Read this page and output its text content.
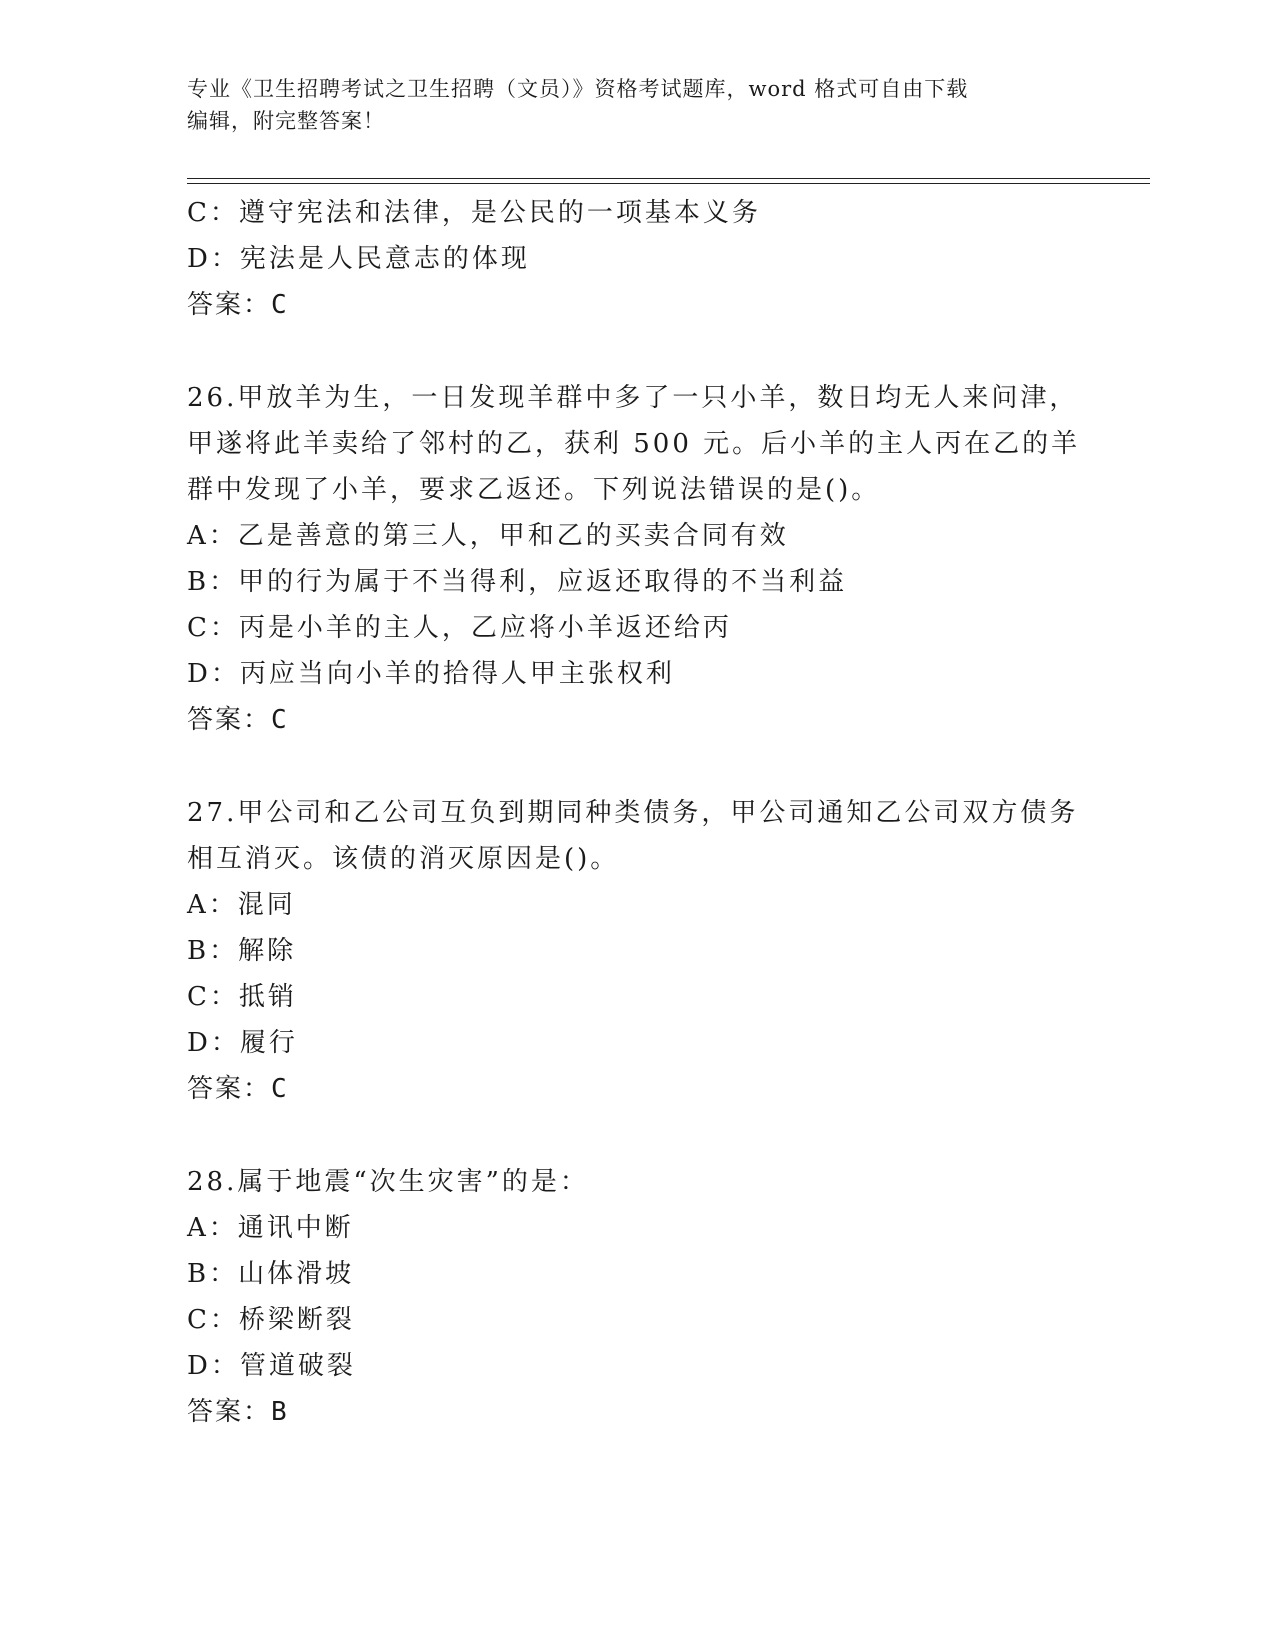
专业《卫生招聘考试之卫生招聘（文员）》资格考试题库，word 格式可自由下载
编辑，附完整答案！
C：遵守宪法和法律，是公民的一项基本义务
D：宪法是人民意志的体现
答案：C
26.甲放羊为生，一日发现羊群中多了一只小羊，数日均无人来问津，
甲遂将此羊卖给了邻村的乙，获利 500 元。后小羊的主人丙在乙的羊
群中发现了小羊，要求乙返还。下列说法错误的是()。
A：乙是善意的第三人，甲和乙的买卖合同有效
B：甲的行为属于不当得利，应返还取得的不当利益
C：丙是小羊的主人，乙应将小羊返还给丙
D：丙应当向小羊的拾得人甲主张权利
答案：C
27.甲公司和乙公司互负到期同种类债务，甲公司通知乙公司双方债务
相互消灭。该债的消灭原因是()。
A：混同
B：解除
C：抵销
D：履行
答案：C
28.属于地震“次生灾害”的是：
A：通讯中断
B：山体滑坡
C：桥梁断裂
D：管道破裂
答案：B
